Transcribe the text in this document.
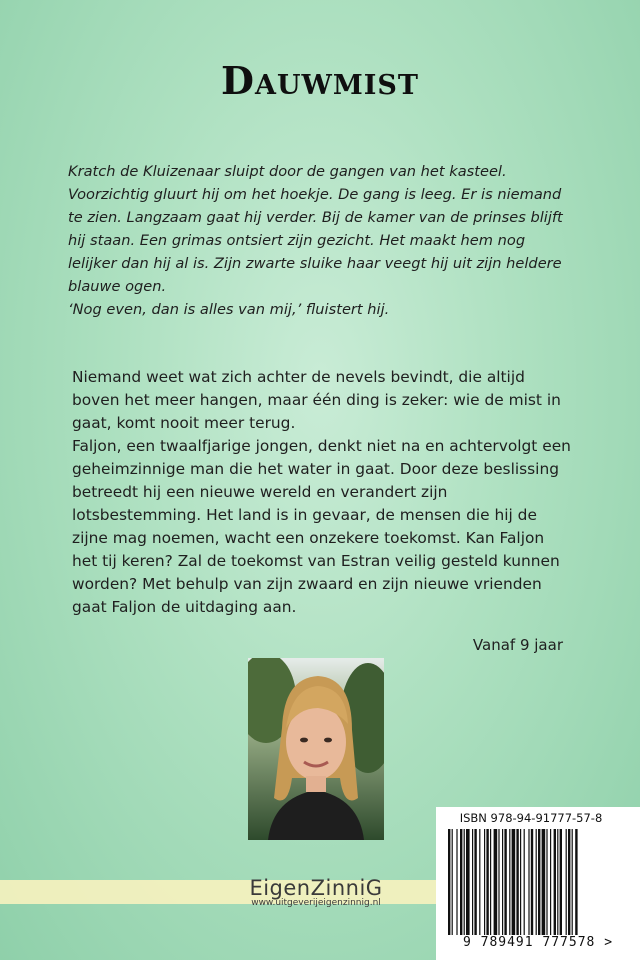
Dauwmist

Kratch de Kluizenaar sluipt door de gangen van het kasteel. Voorzichtig gluurt hij om het hoekje. De gang is leeg. Er is niemand te zien. Langzaam gaat hij verder. Bij de kamer van de prinses blijft hij staan. Een grimas ontsiert zijn gezicht. Het maakt hem nog lelijker dan hij al is. Zijn zwarte sluike haar veegt hij uit zijn heldere blauwe ogen.

‘Nog even, dan is alles van mij,’ fluistert hij.

Niemand weet wat zich achter de nevels bevindt, die altijd boven het meer hangen, maar één ding is zeker: wie de mist in gaat, komt nooit meer terug.

Faljon, een twaalfjarige jongen, denkt niet na en achtervolgt een geheimzinnige man die het water in gaat. Door deze beslissing betreedt hij een nieuwe wereld en verandert zijn lotsbestemming. Het land is in gevaar, de mensen die hij de zijne mag noemen, wacht een onzekere toekomst. Kan Faljon het tij keren? Zal de toekomst van Estran veilig gesteld kunnen worden? Met behulp van zijn zwaard en zijn nieuwe vrienden gaat Faljon de uitdaging aan.

Vanaf 9 jaar
EigenZinniG
www.uitgeverijeigenzinnig.nl
ISBN 978-94-91777-57-8
9 789491 777578 >
